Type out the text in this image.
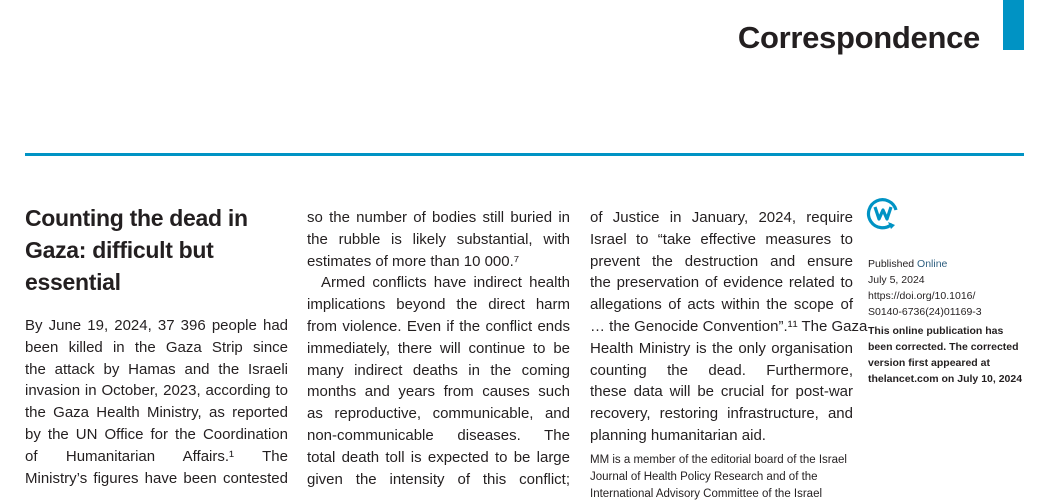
Correspondence
Counting the dead in Gaza: difficult but essential
By June 19, 2024, 37 396 people had
been killed in the Gaza Strip since
the attack by Hamas and the Israeli
invasion in October, 2023, according to
the Gaza Health Ministry, as reported
by the UN Office for the Coordination
of Humanitarian Affairs.¹ The
Ministry’s figures have been contested
so the number of bodies still buried in
the rubble is likely substantial, with
estimates of more than 10 000.⁷
Armed conflicts have indirect health
implications beyond the direct harm
from violence. Even if the conflict ends
immediately, there will continue to be
many indirect deaths in the coming
months and years from causes such
as reproductive, communicable, and
non-communicable diseases. The
total death toll is expected to be large
given the intensity of this conflict;
of Justice in January, 2024, require
Israel to “take effective measures to
prevent the destruction and ensure
the preservation of evidence related to
allegations of acts within the scope of
… the Genocide Convention”.¹¹ The Gaza
Health Ministry is the only organisation
counting the dead. Furthermore,
these data will be crucial for post-war
recovery, restoring infrastructure, and
planning humanitarian aid.
MM is a member of the editorial board of the Israel
Journal of Health Policy Research and of the
International Advisory Committee of the Israel
Published Online
July 5, 2024
https://doi.org/10.1016/
S0140-6736(24)01169-3
This online publication has been corrected. The corrected version first appeared at thelancet.com on July 10, 2024
